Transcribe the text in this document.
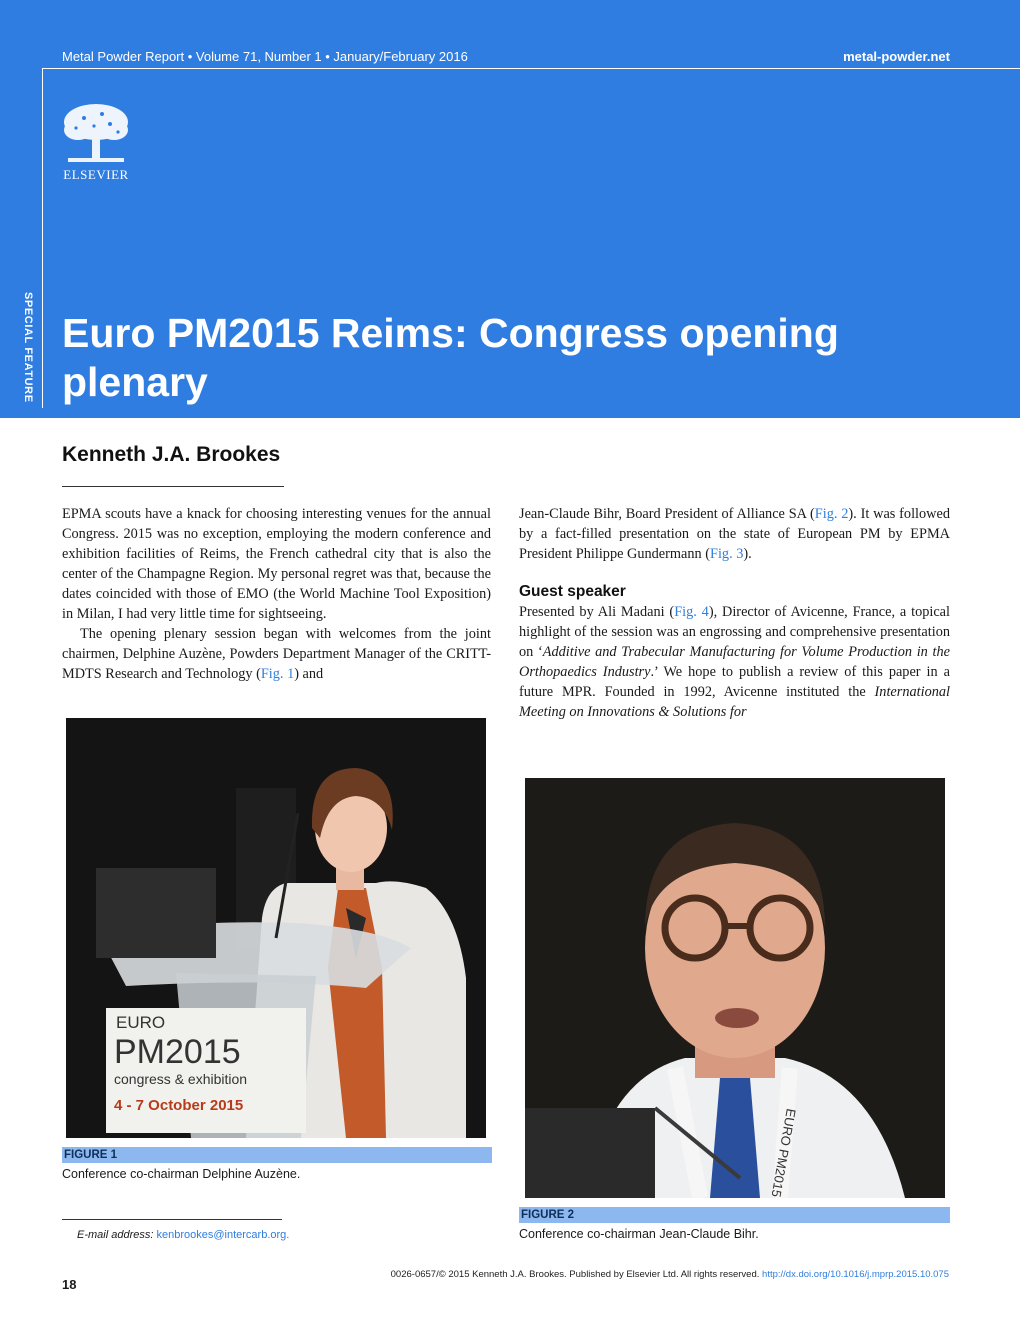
Metal Powder Report • Volume 71, Number 1 • January/February 2016	metal-powder.net
ELSEVIER
SPECIAL FEATURE Euro PM2015 Reims: Congress opening plenary
Kenneth J.A. Brookes

EPMA scouts have a knack for choosing interesting venues for the annual Congress. 2015 was no exception, employing the modern conference and exhibition facilities of Reims, the French cathedral city that is also the center of the Champagne Region. My personal regret was that, because the dates coincided with those of EMO (the World Machine Tool Exposition) in Milan, I had very little time for sightseeing.

The opening plenary session began with welcomes from the joint chairmen, Delphine Auzène, Powders Department Manager of the CRITT-MDTS Research and Technology (Fig. 1) and

Jean-Claude Bihr, Board President of Alliance SA (Fig. 2). It was followed by a fact-filled presentation on the state of European PM by EPMA President Philippe Gundermann (Fig. 3).

Guest speaker

Presented by Ali Madani (Fig. 4), Director of Avicenne, France, a topical highlight of the session was an engrossing and comprehensive presentation on ‘Additive and Trabecular Manufacturing for Volume Production in the Orthopaedics Industry.’ We hope to publish a review of this paper in a future MPR. Founded in 1992, Avicenne instituted the International Meeting on Innovations & Solutions for

EURO
PM2015
congress & exhibition
4 - 7 October 2015
FIGURE 1
Conference co-chairman Delphine Auzène.	EURO PM2015
FIGURE 2
Conference co-chairman Jean-Claude Bihr.
E-mail address: kenbrookes@intercarb.org.
18
0026-0657/© 2015 Kenneth J.A. Brookes. Published by Elsevier Ltd. All rights reserved. http://dx.doi.org/10.1016/j.mprp.2015.10.075
